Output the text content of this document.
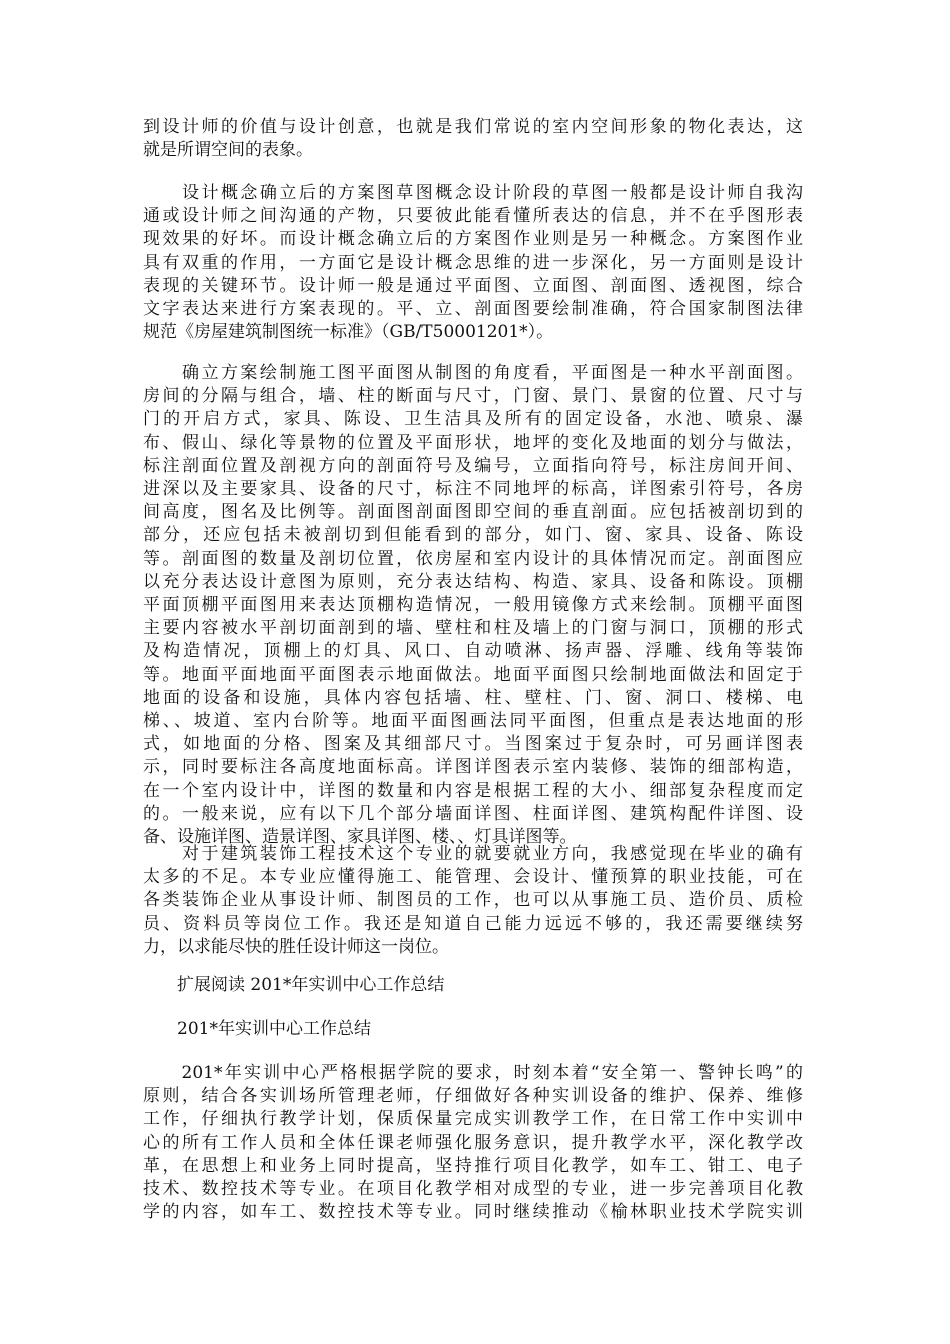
到设计师的价值与设计创意，也就是我们常说的室内空间形象的物化表达，这
就是所谓空间的表象。
　　设计概念确立后的方案图草图概念设计阶段的草图一般都是设计师自我沟
通或设计师之间沟通的产物，只要彼此能看懂所表达的信息，并不在乎图形表
现效果的好坏。而设计概念确立后的方案图作业则是另一种概念。方案图作业
具有双重的作用，一方面它是设计概念思维的进一步深化，另一方面则是设计
表现的关键环节。设计师一般是通过平面图、立面图、剖面图、透视图，综合
文字表达来进行方案表现的。平、立、剖面图要绘制准确，符合国家制图法律
规范《房屋建筑制图统一标准》（GB/T50001201*）。
　　确立方案绘制施工图平面图从制图的角度看，平面图是一种水平剖面图。
房间的分隔与组合，墙、柱的断面与尺寸，门窗、景门、景窗的位置、尺寸与
门的开启方式，家具、陈设、卫生洁具及所有的固定设备，水池、喷泉、瀑
布、假山、绿化等景物的位置及平面形状，地坪的变化及地面的划分与做法，
标注剖面位置及剖视方向的剖面符号及编号，立面指向符号，标注房间开间、
进深以及主要家具、设备的尺寸，标注不同地坪的标高，详图索引符号，各房
间高度，图名及比例等。剖面图剖面图即空间的垂直剖面。应包括被剖切到的
部分，还应包括未被剖切到但能看到的部分，如门、窗、家具、设备、陈设
等。剖面图的数量及剖切位置，依房屋和室内设计的具体情况而定。剖面图应
以充分表达设计意图为原则，充分表达结构、构造、家具、设备和陈设。顶棚
平面顶棚平面图用来表达顶棚构造情况，一般用镜像方式来绘制。顶棚平面图
主要内容被水平剖切面剖到的墙、壁柱和柱及墙上的门窗与洞口，顶棚的形式
及构造情况，顶棚上的灯具、风口、自动喷淋、扬声器、浮雕、线角等装饰
等。地面平面地面平面图表示地面做法。地面平面图只绘制地面做法和固定于
地面的设备和设施，具体内容包括墙、柱、壁柱、门、窗、洞口、楼梯、电
梯、、坡道、室内台阶等。地面平面图画法同平面图，但重点是表达地面的形
式，如地面的分格、图案及其细部尺寸。当图案过于复杂时，可另画详图表
示，同时要标注各高度地面标高。详图详图表示室内装修、装饰的细部构造，
在一个室内设计中，详图的数量和内容是根据工程的大小、细部复杂程度而定
的。一般来说，应有以下几个部分墙面详图、柱面详图、建筑构配件详图、设
备、设施详图、造景详图、家具详图、楼、、灯具详图等。
　　对于建筑装饰工程技术这个专业的就要就业方向，我感觉现在毕业的确有
太多的不足。本专业应懂得施工、能管理、会设计、懂预算的职业技能，可在
各类装饰企业从事设计师、制图员的工作，也可以从事施工员、造价员、质检
员、资料员等岗位工作。我还是知道自己能力远远不够的，我还需要继续努
力，以求能尽快的胜任设计师这一岗位。
　　扩展阅读 201*年实训中心工作总结
　　201*年实训中心工作总结
　　201*年实训中心严格根据学院的要求，时刻本着“安全第一、警钟长鸣”的
原则，结合各实训场所管理老师，仔细做好各种实训设备的维护、保养、维修
工作，仔细执行教学计划，保质保量完成实训教学工作，在日常工作中实训中
心的所有工作人员和全体任课老师强化服务意识，提升教学水平，深化教学改
革，在思想上和业务上同时提高，坚持推行项目化教学，如车工、钳工、电子
技术、数控技术等专业。在项目化教学相对成型的专业，进一步完善项目化教
学的内容，如车工、数控技术等专业。同时继续推动《榆林职业技术学院实训
